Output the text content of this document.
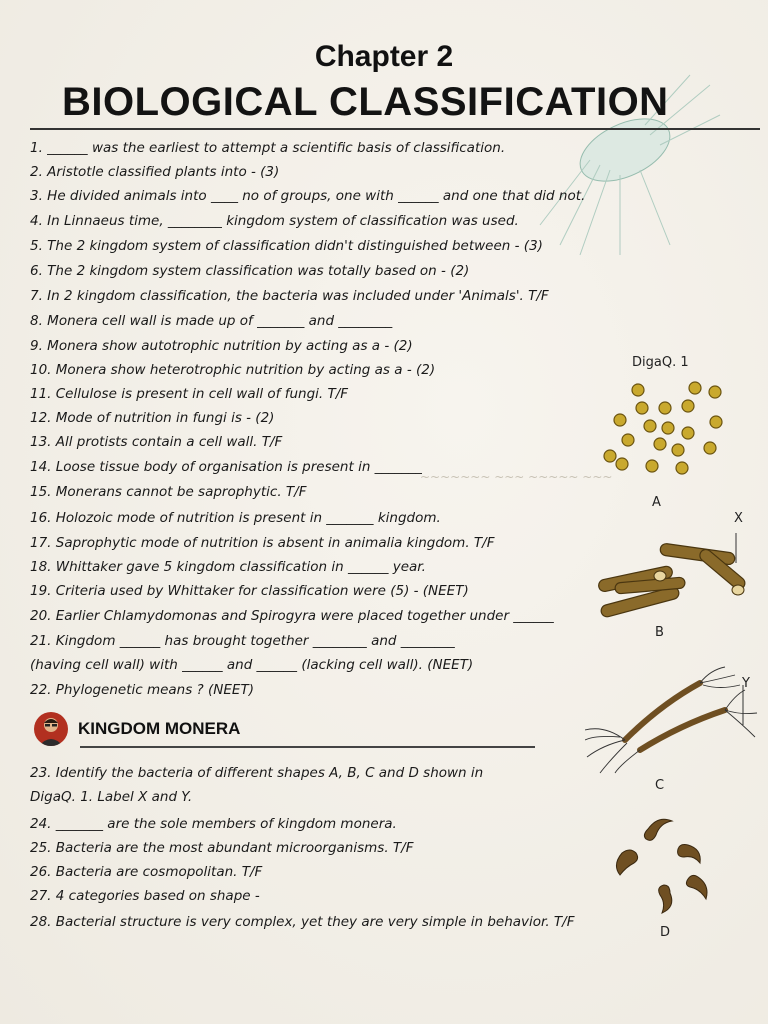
~~~~~~~ ~~~ ~~~~~ ~~~
Chapter 2
BIOLOGICAL CLASSIFICATION
1. ______ was the earliest to attempt a scientific basis of classification.
2. Aristotle classified plants into - (3)
3. He divided animals into ____ no of groups, one with ______ and one that did not.
4. In Linnaeus time, ________ kingdom system of classification was used.
5. The 2 kingdom system of classification didn't distinguished between - (3)
6. The 2 kingdom system classification was totally based on - (2)
7. In 2 kingdom classification, the bacteria was included under 'Animals'. T/F
8. Monera cell wall is made up of _______ and ________
9. Monera show autotrophic nutrition by acting as a - (2)
10. Monera show heterotrophic nutrition by acting as a - (2)
11. Cellulose is present in cell wall of fungi. T/F
12. Mode of nutrition in fungi is - (2)
13. All protists contain a cell wall. T/F
14. Loose tissue body of organisation is present in _______
15. Monerans cannot be saprophytic. T/F
16. Holozoic mode of nutrition is present in _______ kingdom.
17. Saprophytic mode of nutrition is absent in animalia kingdom. T/F
18. Whittaker gave 5 kingdom classification in ______ year.
19. Criteria used by Whittaker for classification were (5) - (NEET)
20. Earlier Chlamydomonas and Spirogyra were placed together under ______
21. Kingdom ______ has brought together ________ and ________
(having cell wall) with ______ and ______ (lacking cell wall). (NEET)
22. Phylogenetic means ? (NEET)
KINGDOM MONERA
23. Identify the bacteria of different shapes A, B, C and D shown in
DigaQ. 1. Label X and Y.
24. _______ are the sole members of kingdom monera.
25. Bacteria are the most abundant microorganisms. T/F
26. Bacteria are cosmopolitan. T/F
27. 4 categories based on shape -
28. Bacterial structure is very complex, yet they are very simple in behavior. T/F
DigaQ. 1
A
X
B
Y
C
D
